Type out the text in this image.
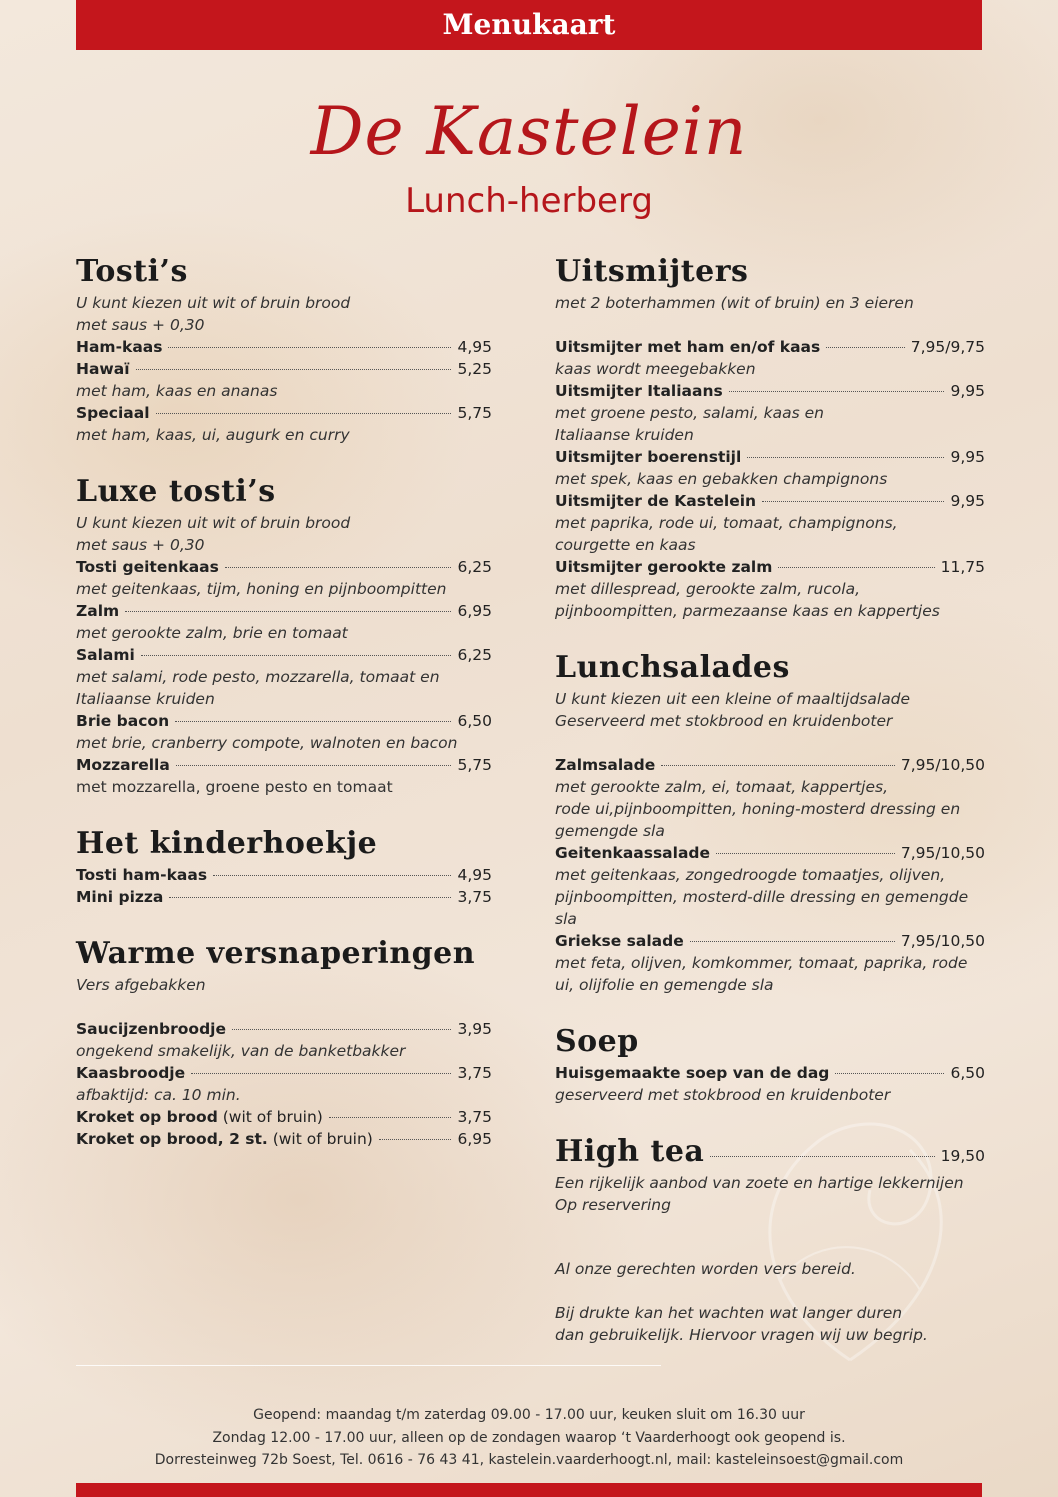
Menukaart
De Kastelein
Lunch-herberg
Tosti’s
U kunt kiezen uit wit of bruin brood
met saus + 0,30
Ham-kaas	4,95
Hawaï	5,25
met ham, kaas en ananas
Speciaal	5,75
met ham, kaas, ui, augurk en curry
Luxe tosti’s
U kunt kiezen uit wit of bruin brood
met saus + 0,30
Tosti geitenkaas	6,25
met geitenkaas, tijm, honing en pijnboompitten
Zalm	6,95
met gerookte zalm, brie en tomaat
Salami	6,25
met salami, rode pesto, mozzarella, tomaat en
Italiaanse kruiden
Brie bacon	6,50
met brie, cranberry compote, walnoten en bacon
Mozzarella	5,75
met mozzarella, groene pesto en tomaat
Het kinderhoekje
Tosti ham-kaas	4,95
Mini pizza	3,75
Warme versnaperingen
Vers afgebakken
Saucijzenbroodje	3,95
ongekend smakelijk, van de banketbakker
Kaasbroodje	3,75
afbaktijd: ca. 10 min.
Kroket op brood (wit of bruin)	3,75
Kroket op brood, 2 st. (wit of bruin)	6,95
Uitsmijters
met 2 boterhammen (wit of bruin) en 3 eieren
Uitsmijter met ham en/of kaas	7,95/9,75
kaas wordt meegebakken
Uitsmijter Italiaans	9,95
met groene pesto, salami, kaas en
Italiaanse kruiden
Uitsmijter boerenstijl	9,95
met spek, kaas en gebakken champignons
Uitsmijter de Kastelein	9,95
met paprika, rode ui, tomaat, champignons,
courgette en kaas
Uitsmijter gerookte zalm	11,75
met dillespread, gerookte zalm, rucola,
pijnboompitten, parmezaanse kaas en kappertjes
Lunchsalades
U kunt kiezen uit een kleine of maaltijdsalade
Geserveerd met stokbrood en kruidenboter
Zalmsalade	7,95/10,50
met gerookte zalm, ei, tomaat, kappertjes,
rode ui,pijnboompitten, honing-mosterd dressing en
gemengde sla
Geitenkaassalade	7,95/10,50
met geitenkaas, zongedroogde tomaatjes, olijven,
pijnboompitten, mosterd-dille dressing en gemengde
sla
Griekse salade	7,95/10,50
met feta, olijven, komkommer, tomaat, paprika, rode
ui, olijfolie en gemengde sla
Soep
Huisgemaakte soep van de dag	6,50
geserveerd met stokbrood en kruidenboter
High tea	19,50
Een rijkelijk aanbod van zoete en hartige lekkernijen
Op reservering
Al onze gerechten worden vers bereid.
Bij drukte kan het wachten wat langer duren
dan gebruikelijk. Hiervoor vragen wij uw begrip.
Geopend: maandag t/m zaterdag 09.00 - 17.00 uur, keuken sluit om 16.30 uur
Zondag 12.00 - 17.00 uur, alleen op de zondagen waarop ‘t Vaarderhoogt ook geopend is.
Dorresteinweg 72b Soest, Tel. 0616 - 76 43 41, kastelein.vaarderhoogt.nl, mail: kasteleinsoest@gmail.com
